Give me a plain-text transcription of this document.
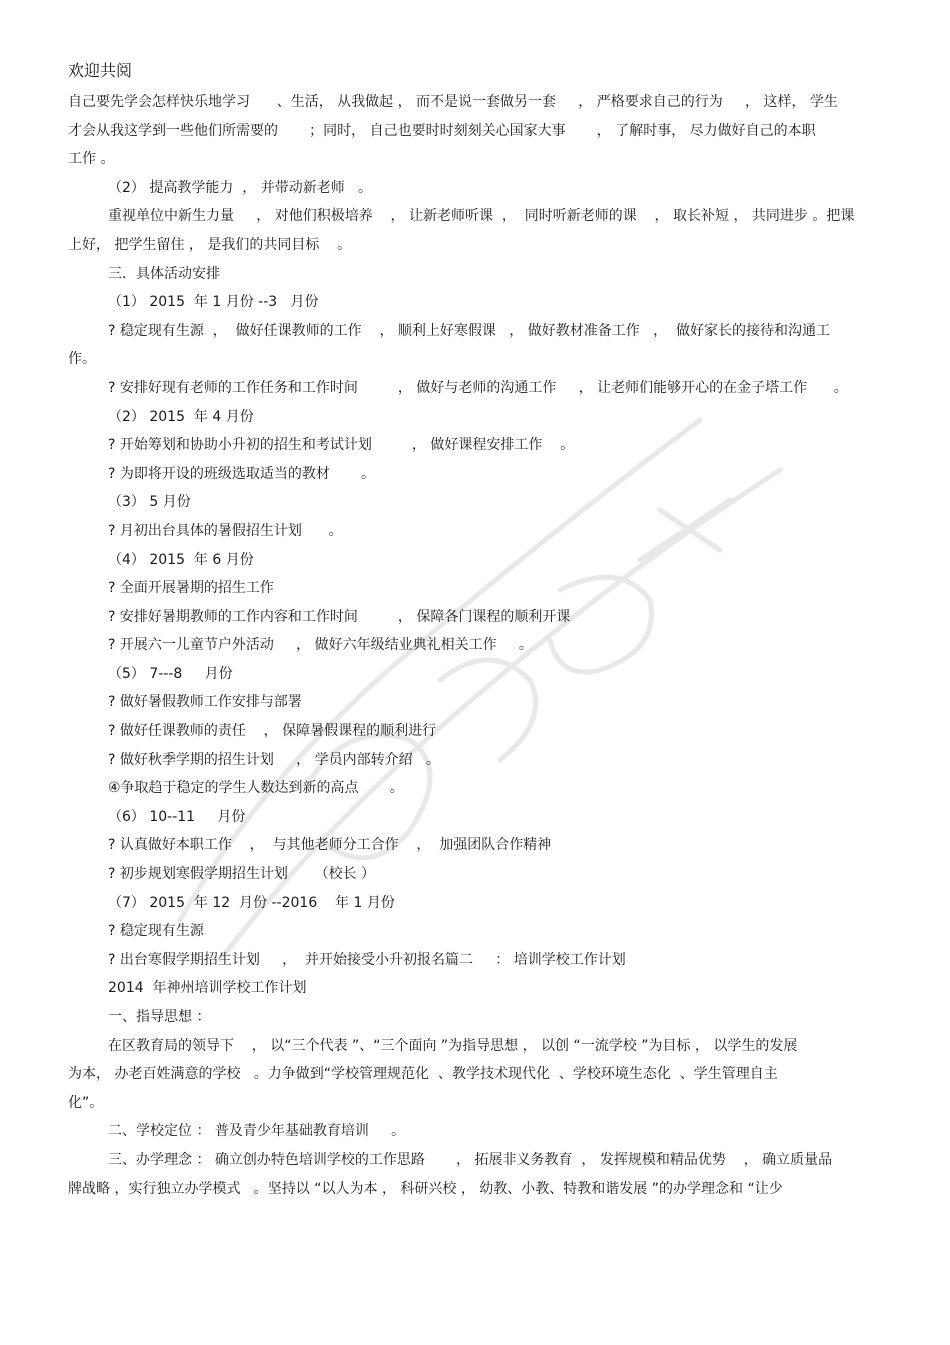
欢迎共阅
自己要先学会怎样快乐地学习      、生活， 从我做起 ， 而不是说一套做另一套     ， 严格要求自己的行为     ， 这样， 学生
才会从我这学到一些他们所需要的       ；同时， 自己也要时时刻刻关心国家大事       ， 了解时事， 尽力做好自己的本职
工作 。
（2） 提高教学能力  ， 并带动新老师   。
重视单位中新生力量     ， 对他们积极培养    ， 让新老师听课  ，  同时听新老师的课    ， 取长补短 ， 共同进步 。把课
上好， 把学生留住 ， 是我们的共同目标    。
三．具体活动安排
（1） 2015  年 1 月份 --3   月份
? 稳定现有生源  ，  做好任课教师的工作    ， 顺利上好寒假课   ， 做好教材准备工作   ，  做好家长的接待和沟通工
作。
? 安排好现有老师的工作任务和工作时间         ， 做好与老师的沟通工作     ， 让老师们能够开心的在金子塔工作      。
（2） 2015  年 4 月份
? 开始筹划和协助小升初的招生和考试计划         ， 做好课程安排工作    。
? 为即将开设的班级选取适当的教材       。
（3） 5 月份
? 月初出台具体的暑假招生计划      。
（4） 2015  年 6 月份
? 全面开展暑期的招生工作
? 安排好暑期教师的工作内容和工作时间         ， 保障各门课程的顺利开课
? 开展六一儿童节户外活动     ， 做好六年级结业典礼相关工作     。
（5） 7---8     月份
? 做好暑假教师工作安排与部署
? 做好任课教师的责任    ， 保障暑假课程的顺利进行
? 做好秋季学期的招生计划     ， 学员内部转介绍   。
④争取趋于稳定的学生人数达到新的高点       。
（6） 10--11     月份
? 认真做好本职工作    ，  与其他老师分工合作    ，  加强团队合作精神
? 初步规划寒假学期招生计划      （校长 ）
（7） 2015  年 12  月份 --2016    年 1 月份
? 稳定现有生源
? 出台寒假学期招生计划     ，  并开始接受小升初报名篇二     ： 培训学校工作计划
2014  年神州培训学校工作计划
一、指导思想 ：
在区教育局的领导下    ， 以“三个代表 ”、“三个面向 ”为指导思想 ， 以创 “一流学校 ”为目标 ， 以学生的发展
为本， 办老百姓满意的学校   。力争做到“学校管理规范化  、教学技术现代化  、学校环境生态化  、学生管理自主
化”。
二、学校定位 ： 普及青少年基础教育培训     。
三、办学理念 ： 确立创办特色培训学校的工作思路       ， 拓展非义务教育  ， 发挥规模和精品优势    ， 确立质量品
牌战略 ，实行独立办学模式   。坚持以 “以人为本 ， 科研兴校 ， 幼教、小教、特教和谐发展 ”的办学理念和 “让少
